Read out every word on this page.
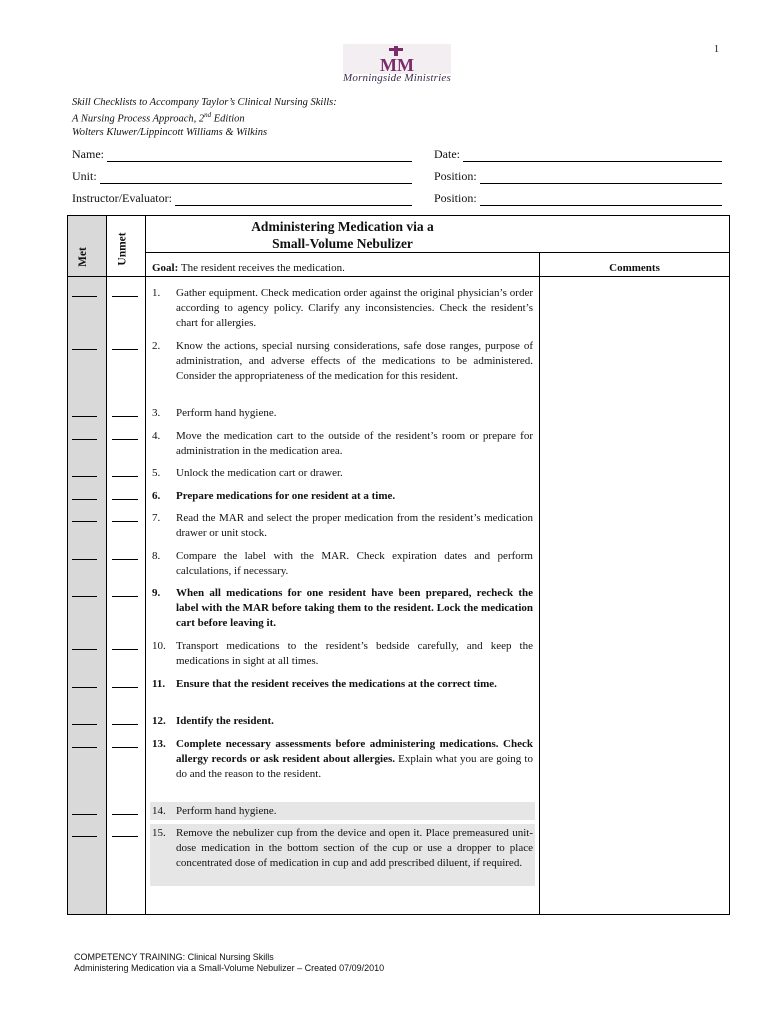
1
MM
Morningside Ministries
Skill Checklists to Accompany Taylor’s Clinical Nursing Skills:
A Nursing Process Approach, 2nd Edition
Wolters Kluwer/Lippincott Williams & Wilkins
Name:	Date:
Unit:	Position:
Instructor/Evaluator:	Position:
Met Unmet
Administering Medication via a
Small-Volume Nebulizer
Goal: The resident receives the medication.	Comments
1.	Gather equipment. Check medication order against the original physician’s order according to agency policy. Clarify any inconsistencies. Check the resident’s chart for allergies.
2.	Know the actions, special nursing considerations, safe dose ranges, purpose of administration, and adverse effects of the medications to be administered. Consider the appropriateness of the medication for this resident.
3.	Perform hand hygiene.
4.	Move the medication cart to the outside of the resident’s room or prepare for administration in the medication area.
5.	Unlock the medication cart or drawer.
6.	Prepare medications for one resident at a time.
7.	Read the MAR and select the proper medication from the resident’s medication drawer or unit stock.
8.	Compare the label with the MAR. Check expiration dates and perform calculations, if necessary.
9.	When all medications for one resident have been prepared, recheck the label with the MAR before taking them to the resident. Lock the medication cart before leaving it.
10. Transport medications to the resident’s bedside carefully, and keep the medications in sight at all times.
11. Ensure that the resident receives the medications at the correct time.
12. Identify the resident.
13. Complete necessary assessments before administering medications. Check allergy records or ask resident about allergies. Explain what you are going to do and the reason to the resident.
14. Perform hand hygiene.
15. Remove the nebulizer cup from the device and open it. Place premeasured unit-dose medication in the bottom section of the cup or use a dropper to place concentrated dose of medication in cup and add prescribed diluent, if required.
COMPETENCY TRAINING: Clinical Nursing Skills
Administering Medication via a Small-Volume Nebulizer – Created 07/09/2010
